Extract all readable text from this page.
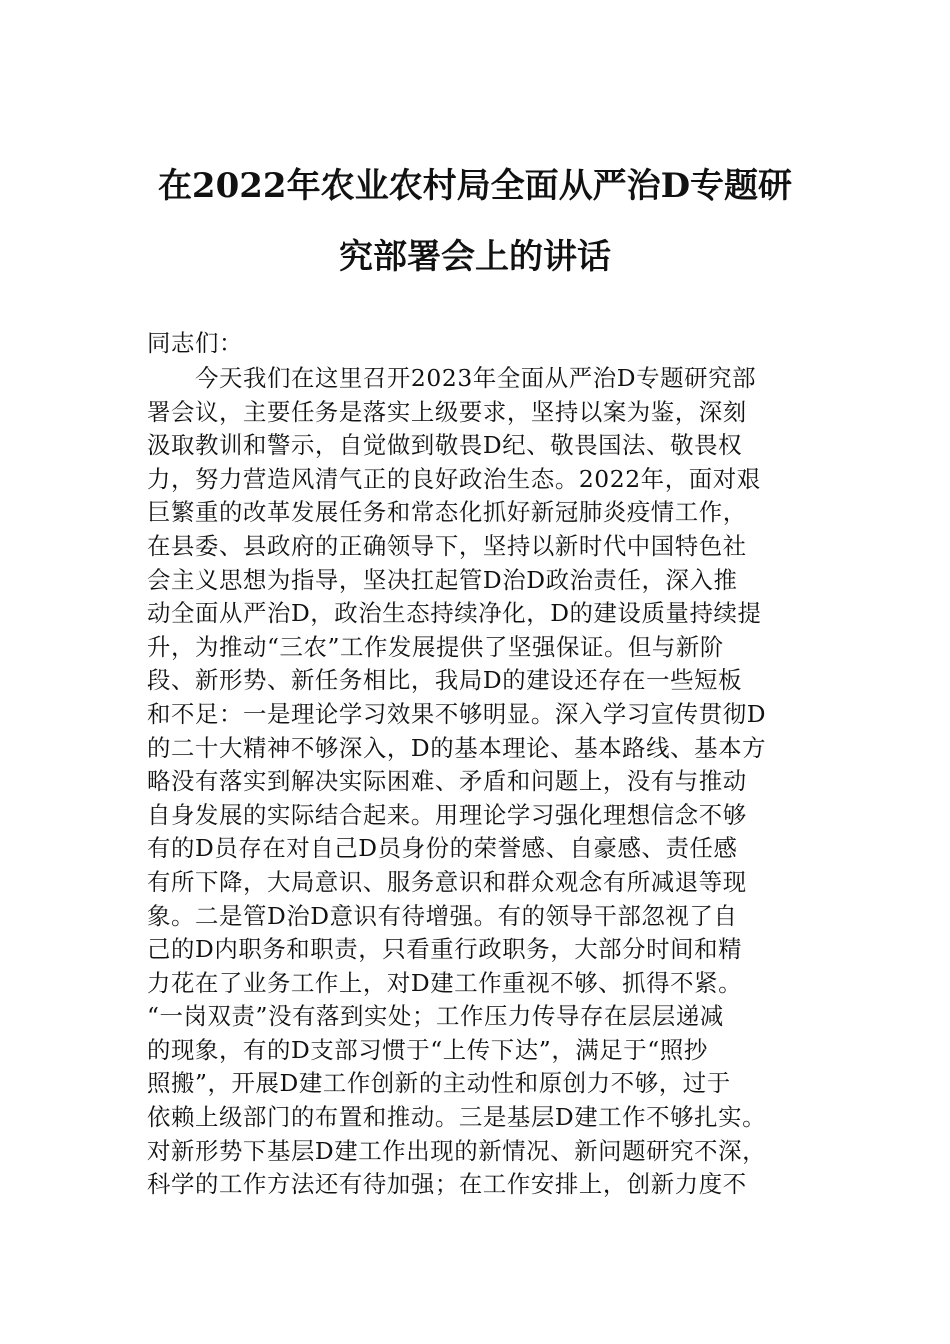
在2022年农业农村局全面从严治D专题研
究部署会上的讲话

同志们：

　　今天我们在这里召开2023年全面从严治D专题研究部
署会议，主要任务是落实上级要求，坚持以案为鉴，深刻
汲取教训和警示，自觉做到敬畏D纪、敬畏国法、敬畏权
力，努力营造风清气正的良好政治生态。2022年，面对艰
巨繁重的改革发展任务和常态化抓好新冠肺炎疫情工作，
在县委、县政府的正确领导下，坚持以新时代中国特色社
会主义思想为指导，坚决扛起管D治D政治责任，深入推
动全面从严治D，政治生态持续净化，D的建设质量持续提
升，为推动“三农”工作发展提供了坚强保证。但与新阶
段、新形势、新任务相比，我局D的建设还存在一些短板
和不足：一是理论学习效果不够明显。深入学习宣传贯彻D
的二十大精神不够深入，D的基本理论、基本路线、基本方
略没有落实到解决实际困难、矛盾和问题上，没有与推动
自身发展的实际结合起来。用理论学习强化理想信念不够
有的D员存在对自己D员身份的荣誉感、自豪感、责任感
有所下降，大局意识、服务意识和群众观念有所减退等现
象。二是管D治D意识有待增强。有的领导干部忽视了自
己的D内职务和职责，只看重行政职务，大部分时间和精
力花在了业务工作上，对D建工作重视不够、抓得不紧。
“一岗双责”没有落到实处；工作压力传导存在层层递减
的现象，有的D支部习惯于“上传下达”，满足于“照抄
照搬”，开展D建工作创新的主动性和原创力不够，过于
依赖上级部门的布置和推动。三是基层D建工作不够扎实。
对新形势下基层D建工作出现的新情况、新问题研究不深，
科学的工作方法还有待加强；在工作安排上，创新力度不
